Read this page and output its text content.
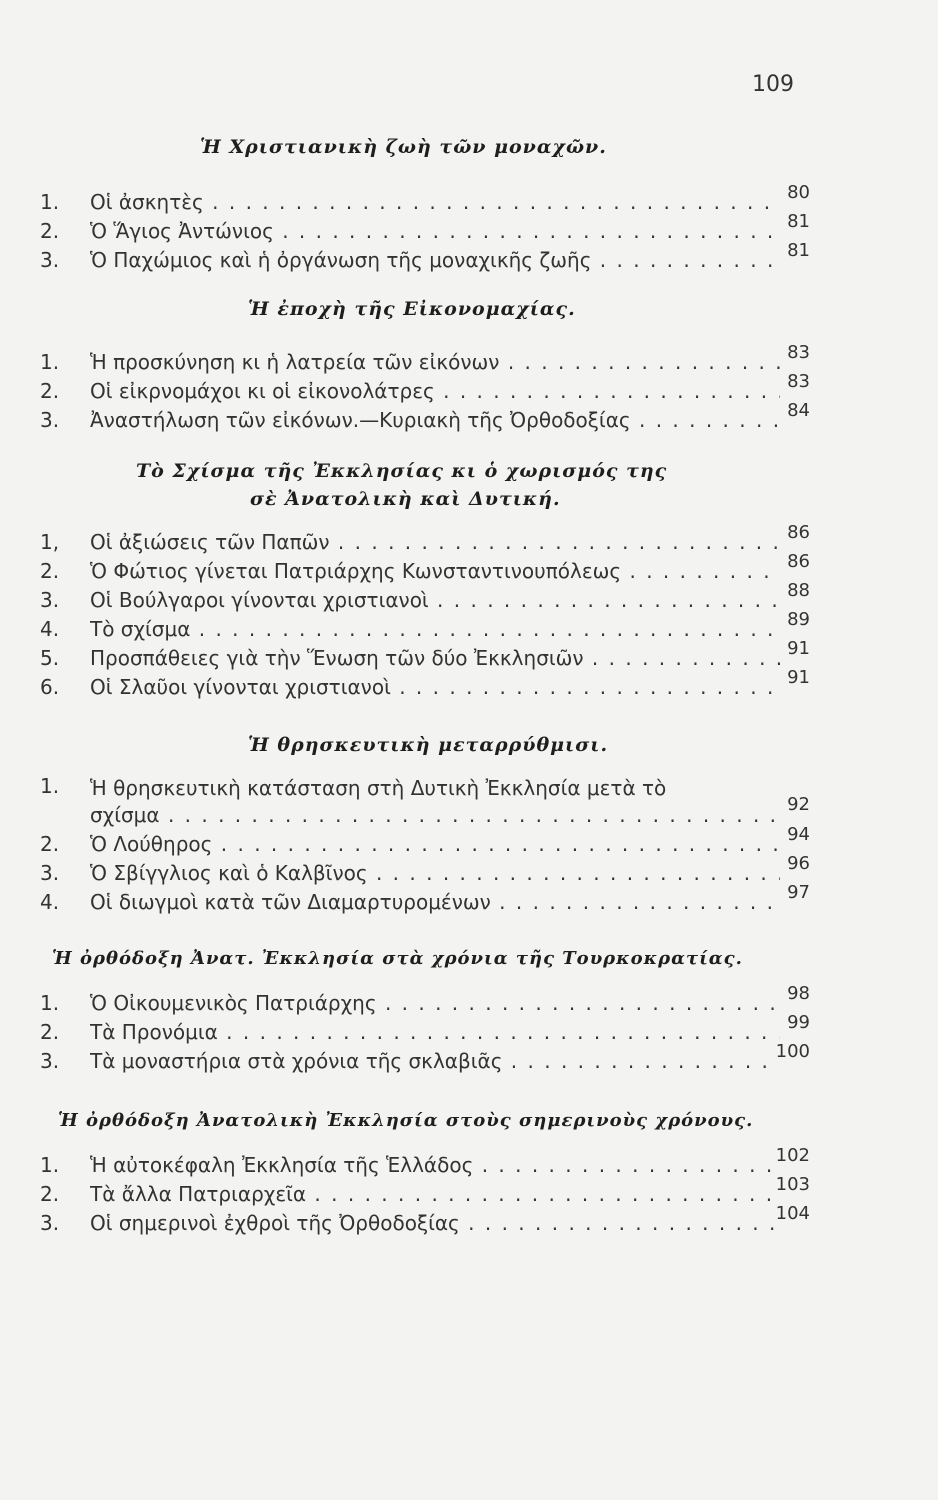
109
Ἡ Χριστιανικὴ ζωὴ τῶν μοναχῶν.
1.	Οἱ ἀσκητὲς . . .	80
2.	Ὁ Ἅγιος Ἀντώνιος . . .	81
3.	Ὁ Παχώμιος καὶ ἡ ὀργάνωση τῆς μοναχικῆς ζωῆς . . .	81
Ἡ ἐποχὴ τῆς Εἰκονομαχίας.
1.	Ἡ προσκύνηση κι ἡ λατρεία τῶν εἰκόνων . . .	83
2.	Οἱ εἰκρνομάχοι κι οἱ εἰκονολάτρες . . .	83
3.	Ἀναστήλωση τῶν εἰκόνων.—Κυριακὴ τῆς Ὀρθοδοξίας . . .	84
Τὸ Σχίσμα τῆς Ἐκκλησίας κι ὁ χωρισμός της
σὲ Ἀνατολικὴ καὶ Δυτική.
1,	Οἱ ἀξιώσεις τῶν Παπῶν . . .	86
2.	Ὁ Φώτιος γίνεται Πατριάρχης Κωνσταντινουπόλεως . . .	86
3.	Οἱ Βούλγαροι γίνονται χριστιανοὶ . . .	88
4.	Τὸ σχίσμα . . .	89
5.	Προσπάθειες γιὰ τὴν Ἕνωση τῶν δύο Ἐκκλησιῶν . . .	91
6.	Οἱ Σλαῦοι γίνονται χριστιανοὶ . . .	91
Ἡ θρησκευτικὴ μεταρρύθμισι.
1.	Ἡ θρησκευτικὴ κατάσταση στὴ Δυτικὴ Ἐκκλησία μετὰ τὸ
σχίσμα . . .	92
2.	Ὁ Λούθηρος . . .	94
3.	Ὁ Σβίγγλιος καὶ ὁ Καλβῖνος . . .	96
4.	Οἱ διωγμοὶ κατὰ τῶν Διαμαρτυρομένων . . .	97
Ἡ ὀρθόδοξη Ἀνατ. Ἐκκλησία στὰ χρόνια τῆς Τουρκοκρατίας.
1.	Ὁ Οἰκουμενικὸς Πατριάρχης . . .	98
2.	Τὰ Προνόμια . . .	99
3.	Τὰ μοναστήρια στὰ χρόνια τῆς σκλαβιᾶς . . .	100
Ἡ ὀρθόδοξη Ἀνατολικὴ Ἐκκλησία στοὺς σημερινοὺς χρόνους.
1.	Ἡ αὐτοκέφαλη Ἐκκλησία τῆς Ἑλλάδος . . .	102
2.	Τὰ ἄλλα Πατριαρχεῖα . . .	103
3.	Οἱ σημερινοὶ ἐχθροὶ τῆς Ὀρθοδοξίας . . .	104
